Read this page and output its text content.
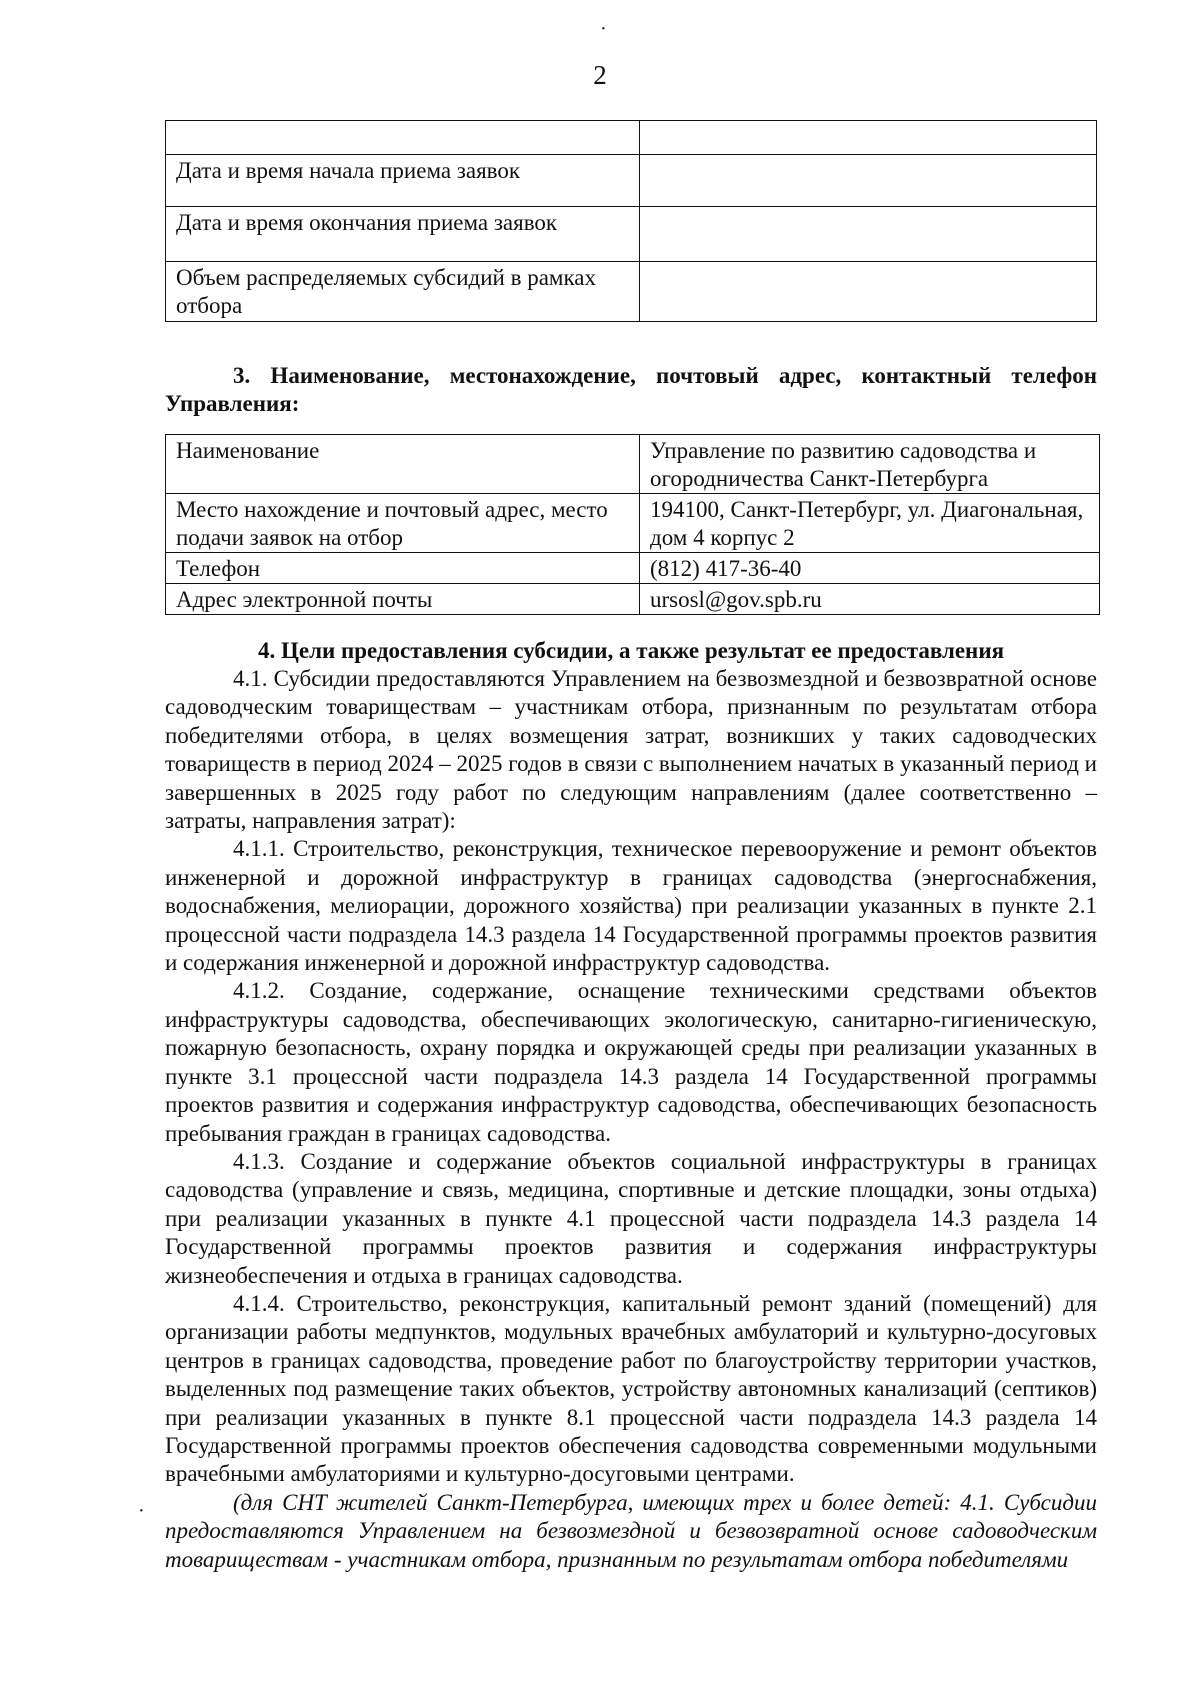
·
2

Дата и время начала приема заявок	
Дата и время окончания приема заявок	
Объем распределяемых субсидий в рамках отбора	
3. Наименование, местонахождение, почтовый адрес, контактный телефон Управления:
Наименование	Управление по развитию садоводства и огородничества Санкт-Петербурга
Место нахождение и почтовый адрес, место подачи заявок на отбор	194100, Санкт-Петербург, ул. Диагональная, дом 4 корпус 2
Телефон	(812) 417-36-40
Адрес электронной почты	ursosl@gov.spb.ru
4. Цели предоставления субсидии, а также результат ее предоставления

4.1. Субсидии предоставляются Управлением на безвозмездной и безвозвратной основе садоводческим товариществам – участникам отбора, признанным по результатам отбора победителями отбора, в целях возмещения затрат, возникших у таких садоводческих товариществ в период 2024 – 2025 годов в связи с выполнением начатых в указанный период и завершенных в 2025 году работ по следующим направлениям (далее соответственно – затраты, направления затрат):

4.1.1. Строительство, реконструкция, техническое перевооружение и ремонт объектов инженерной и дорожной инфраструктур в границах садоводства (энергоснабжения, водоснабжения, мелиорации, дорожного хозяйства) при реализации указанных в пункте 2.1 процессной части подраздела 14.3 раздела 14 Государственной программы проектов развития и содержания инженерной и дорожной инфраструктур садоводства.

4.1.2. Создание, содержание, оснащение техническими средствами объектов инфраструктуры садоводства, обеспечивающих экологическую, санитарно-гигиеническую, пожарную безопасность, охрану порядка и окружающей среды при реализации указанных в пункте 3.1 процессной части подраздела 14.3 раздела 14 Государственной программы проектов развития и содержания инфраструктур садоводства, обеспечивающих безопасность пребывания граждан в границах садоводства.

4.1.3. Создание и содержание объектов социальной инфраструктуры в границах садоводства (управление и связь, медицина, спортивные и детские площадки, зоны отдыха) при реализации указанных в пункте 4.1 процессной части подраздела 14.3 раздела 14 Государственной программы проектов развития и содержания инфраструктуры жизнеобеспечения и отдыха в границах садоводства.

4.1.4. Строительство, реконструкция, капитальный ремонт зданий (помещений) для организации работы медпунктов, модульных врачебных амбулаторий и культурно-досуговых центров в границах садоводства, проведение работ по благоустройству территории участков, выделенных под размещение таких объектов, устройству автономных канализаций (септиков) при реализации указанных в пункте 8.1 процессной части подраздела 14.3 раздела 14 Государственной программы проектов обеспечения садоводства современными модульными врачебными амбулаториями и культурно-досуговыми центрами.

(для СНТ жителей Санкт-Петербурга, имеющих трех и более детей: 4.1. Субсидии предоставляются Управлением на безвозмездной и безвозвратной основе садоводческим товариществам - участникам отбора, признанным по результатам отбора победителями

·
